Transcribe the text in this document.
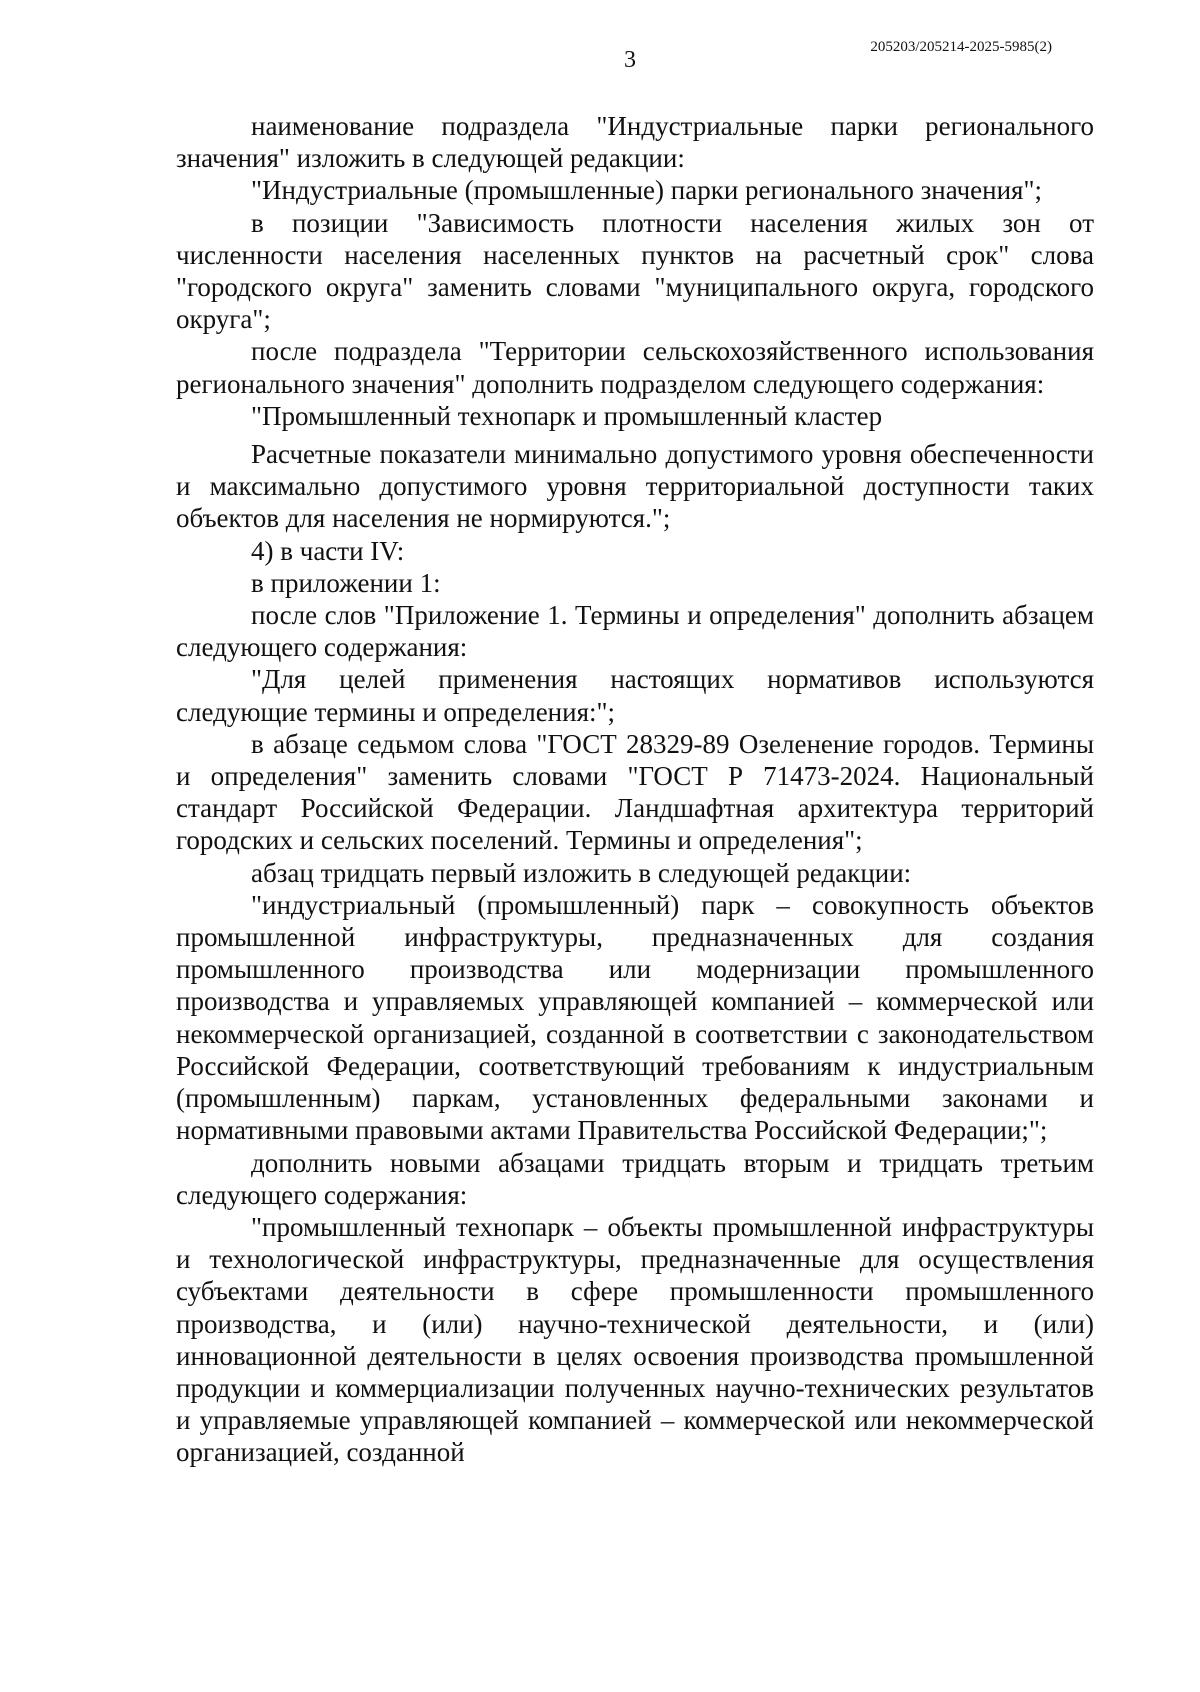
3	205203/205214-2025-5985(2)

наименование подраздела "Индустриальные парки регионального значения" изложить в следующей редакции:

"Индустриальные (промышленные) парки регионального значения";

в позиции "Зависимость плотности населения жилых зон от численности населения населенных пунктов на расчетный срок" слова "городского округа" заменить словами "муниципального округа, городского округа";

после подраздела "Территории сельскохозяйственного использования регионального значения" дополнить подразделом следующего содержания:

"Промышленный технопарк и промышленный кластер

Расчетные показатели минимально допустимого уровня обеспеченности и максимально допустимого уровня территориальной доступности таких объектов для населения не нормируются.";

4) в части IV:

в приложении 1:

после слов "Приложение 1. Термины и определения" дополнить абзацем следующего содержания:

"Для целей применения настоящих нормативов используются следующие термины и определения:";

в абзаце седьмом слова "ГОСТ 28329-89 Озеленение городов. Термины и определения" заменить словами "ГОСТ Р 71473-2024. Национальный стандарт Российской Федерации. Ландшафтная архитектура территорий городских и сельских поселений. Термины и определения";

абзац тридцать первый изложить в следующей редакции:

"индустриальный (промышленный) парк – совокупность объектов промышленной инфраструктуры, предназначенных для создания промышленного производства или модернизации промышленного производства и управляемых управляющей компанией – коммерческой или некоммерческой организацией, созданной в соответствии с законодательством Российской Федерации, соответствующий требованиям к индустриальным (промышленным) паркам, установленных федеральными законами и нормативными правовыми актами Правительства Российской Федерации;";

дополнить новыми абзацами тридцать вторым и тридцать третьим следующего содержания:

"промышленный технопарк – объекты промышленной инфраструктуры и технологической инфраструктуры, предназначенные для осуществления субъектами деятельности в сфере промышленности промышленного производства, и (или) научно-технической деятельности, и (или) инновационной деятельности в целях освоения производства промышленной продукции и коммерциализации полученных научно-технических результатов и управляемые управляющей компанией – коммерческой или некоммерческой организацией, созданной
